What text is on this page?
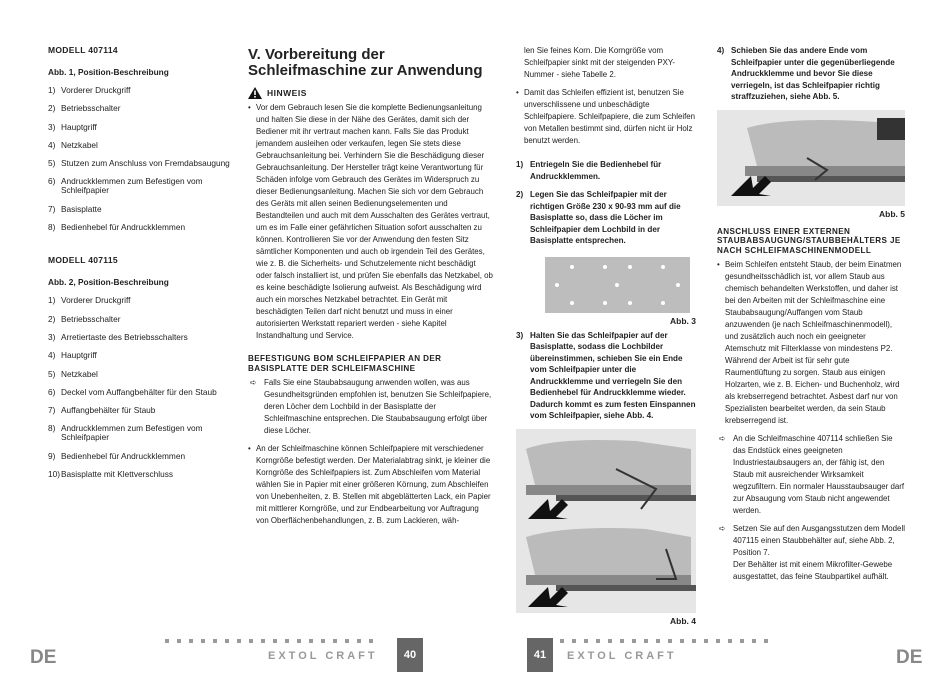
MODELL 407114
Abb. 1, Position-Beschreibung
1) Vorderer Druckgriff
2) Betriebsschalter
3) Hauptgriff
4) Netzkabel
5) Stutzen zum Anschluss von Fremdabsaugung
6) Andruckklemmen zum Befestigen vom Schleifpapier
7) Basisplatte
8) Bedienhebel für Andruckklemmen
MODELL 407115
Abb. 2, Position-Beschreibung
1) Vorderer Druckgriff
2) Betriebsschalter
3) Arretiertaste des Betriebsschalters
4) Hauptgriff
5) Netzkabel
6) Deckel vom Auffangbehälter für den Staub
7) Auffangbehälter für Staub
8) Andruckklemmen zum Befestigen vom Schleifpapier
9) Bedienhebel für Andruckklemmen
10) Basisplatte mit Klettverschluss
V. Vorbereitung der Schleifmaschine zur Anwendung
HINWEIS

• Vor dem Gebrauch lesen Sie die komplette Bedienungsanleitung und halten Sie diese in der Nähe des Gerätes, damit sich der Bediener mit ihr vertraut machen kann. Falls Sie das Produkt jemandem ausleihen oder verkaufen, legen Sie stets diese Gebrauchsanleitung bei. Verhindern Sie die Beschädigung dieser Gebrauchsanleitung. Der Hersteller trägt keine Verantwortung für Schäden infolge vom Gebrauch des Gerätes im Widerspruch zu dieser Bedienungsanleitung. Machen Sie sich vor dem Gebrauch des Geräts mit allen seinen Bedienungselementen und Bestandteilen und auch mit dem Ausschalten des Gerätes vertraut, um es im Falle einer gefährlichen Situation sofort ausschalten zu können. Kontrollieren Sie vor der Anwendung den festen Sitz sämtlicher Komponenten und auch ob irgendein Teil des Gerätes, wie z. B. die Sicherheits- und Schutzelemente nicht beschädigt oder falsch installiert ist, und prüfen Sie ebenfalls das Netzkabel, ob es keine beschädigte Isolierung aufweist. Als Beschädigung wird auch ein morsches Netzkabel betrachtet. Ein Gerät mit beschädigten Teilen darf nicht benutzt und muss in einer autorisierten Werkstatt repariert werden - siehe Kapitel Instandhaltung und Service.

BEFESTIGUNG BOM SCHLEIFPAPIER AN DER BASISPLATTE DER SCHLEIFMASCHINE

➪ Falls Sie eine Staubabsaugung anwenden wollen, was aus Gesundheitsgründen empfohlen ist, benutzen Sie Schleifpapiere, deren Löcher dem Lochbild in der Basisplatte der Schleifmaschine entsprechen. Die Staubabsaugung erfolgt über diese Löcher.

• An der Schleifmaschine können Schleifpapiere mit verschiedener Korngröße befestigt werden. Der Materialabtrag sinkt, je kleiner die Korngröße des Schleifpapiers ist. Zum Abschleifen vom Material wählen Sie in Papier mit einer größeren Körnung, zum Abschleifen von Unebenheiten, z. B. Stellen mit abgeblätterten Lack, ein Papier mit mittlerer Korngröße, und zur Endbearbeitung vor Auftragung von Oberflächenbehandlungen, z. B. zum Lackieren, wäh-

len Sie feines Korn. Die Korngröße vom Schleifpapier sinkt mit der steigenden PXY-Nummer - siehe Tabelle 2.

• Damit das Schleifen effizient ist, benutzen Sie unverschlissene und unbeschädigte Schleifpapiere. Schleifpapiere, die zum Schleifen von Metallen bestimmt sind, dürfen nicht ür Holz benutzt werden.

1) Entriegeln Sie die Bedienhebel für Andruckklemmen.
2) Legen Sie das Schleifpapier mit der richtigen Größe 230 x 90-93 mm auf die Basisplatte so, dass die Löcher im Schleifpapier dem Lochbild in der Basisplatte entsprechen.
Abb. 3
3) Halten Sie das Schleifpapier auf der Basisplatte, sodass die Lochbilder übereinstimmen, schieben Sie ein Ende vom Schleifpapier unter die Andruckklemme und verriegeln Sie den Bedienhebel für Andruckklemme wieder. Dadurch kommt es zum festen Einspannen vom Schleifpapier, siehe Abb. 4.
Abb. 4
4) Schieben Sie das andere Ende vom Schleifpapier unter die gegenüberliegende Andruckklemme und bevor Sie diese verriegeln, ist das Schleifpapier richtig straffzuziehen, siehe Abb. 5.
Abb. 5
ANSCHLUSS EINER EXTERNEN STAUBABSAUGUNG/STAUBBEHÄLTERS JE NACH SCHLEIFMASCHINENMODELL

• Beim Schleifen entsteht Staub, der beim Einatmen gesundheitsschädlich ist, vor allem Staub aus chemisch behandelten Werkstoffen, und daher ist bei den Arbeiten mit der Schleifmaschine eine Staubabsaugung/Auffangen vom Staub anzuwenden (je nach Schleifmaschinenmodell), und zusätzlich auch noch ein geeigneter Atemschutz mit Filterklasse von mindestens P2. Während der Arbeit ist für sehr gute Raumentlüftung zu sorgen. Staub aus einigen Holzarten, wie z. B. Eichen- und Buchenholz, wird als krebserregend betrachtet. Asbest darf nur von Spezialisten bearbeitet werden, da sein Staub krebserregend ist.

➪ An die Schleifmaschine 407114 schließen Sie das Endstück eines geeigneten Industriestaubsaugers an, der fähig ist, den Staub mit ausreichender Wirksamkeit wegzufiltern. Ein normaler Hausstaubsauger darf zur Absaugung vom Staub nicht angewendet werden.

➪ Setzen Sie auf den Ausgangsstutzen dem Modell 407115 einen Staubbehälter auf, siehe Abb. 2, Position 7.

Der Behälter ist mit einem Mikrofilter-Gewebe ausgestattet, das feine Staubpartikel aufhält.

DE	EXTOL CRAFT	40	41	EXTOL CRAFT	DE
